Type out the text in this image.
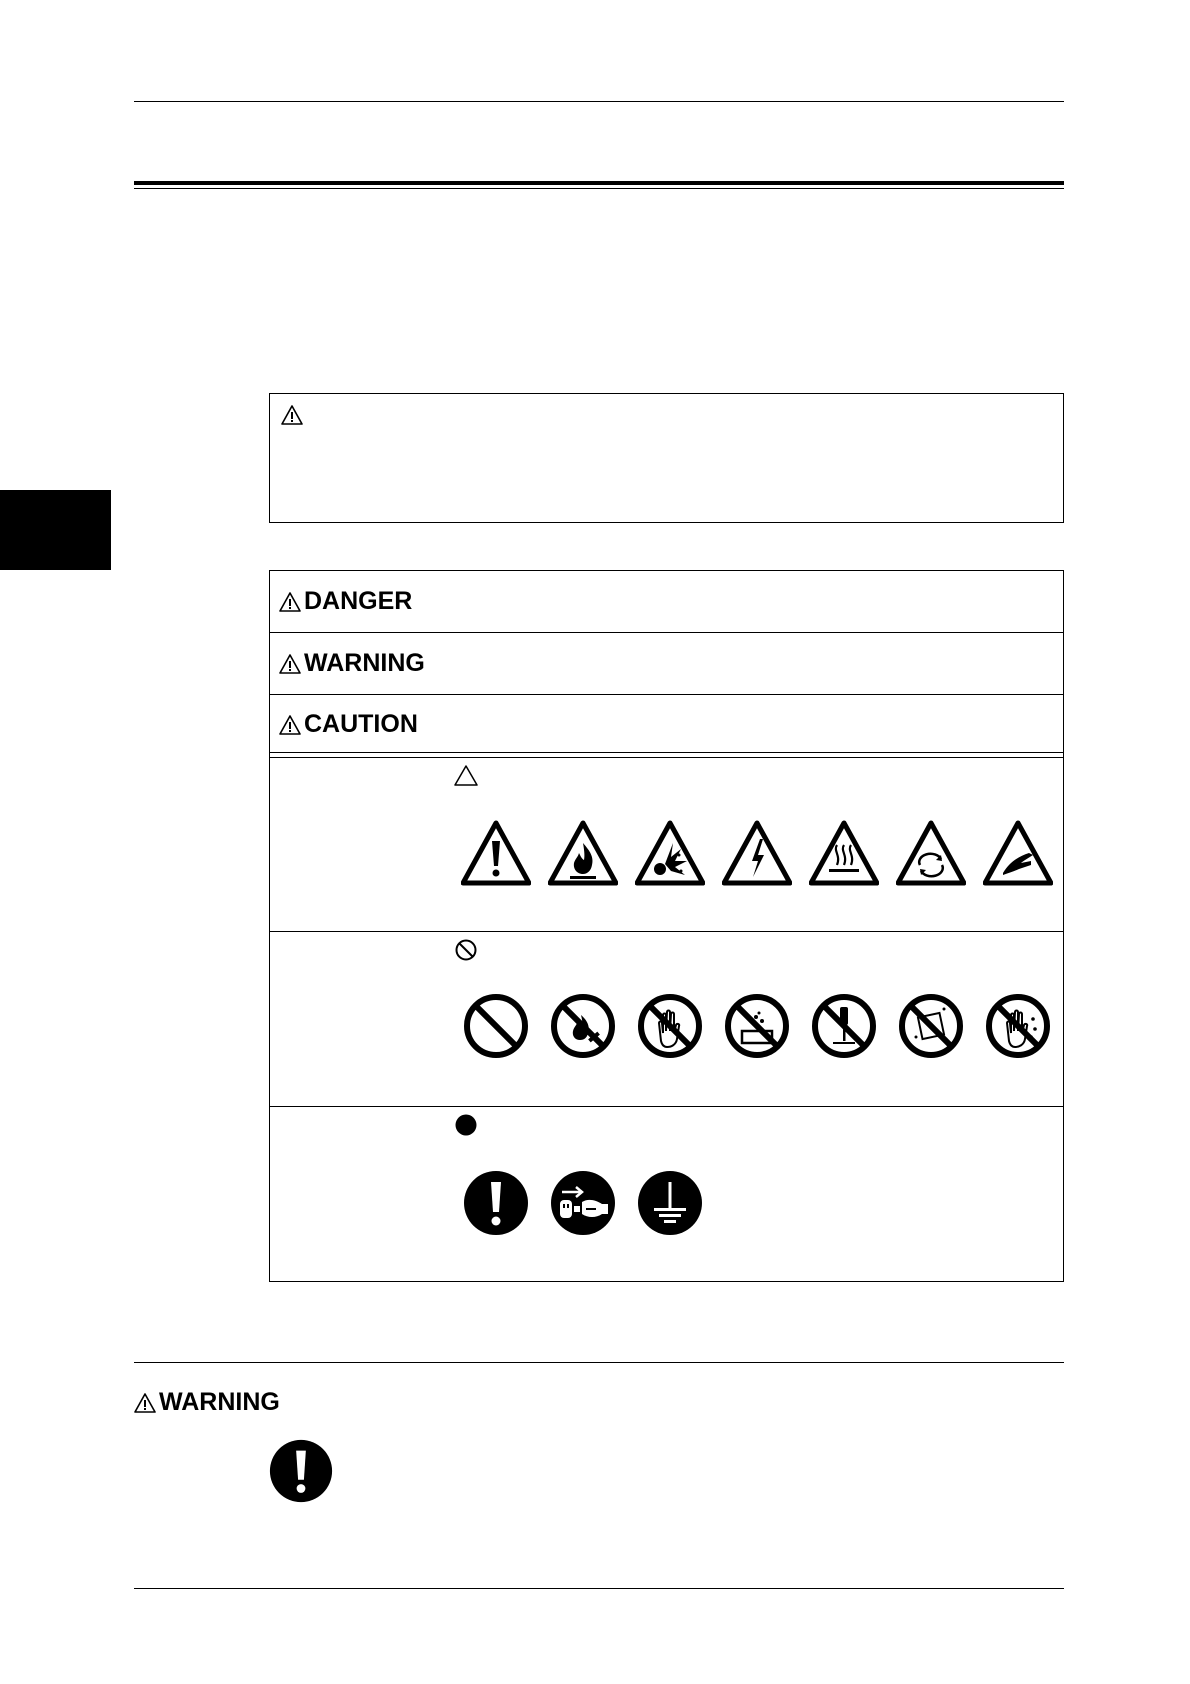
DANGER
WARNING
CAUTION
WARNING
